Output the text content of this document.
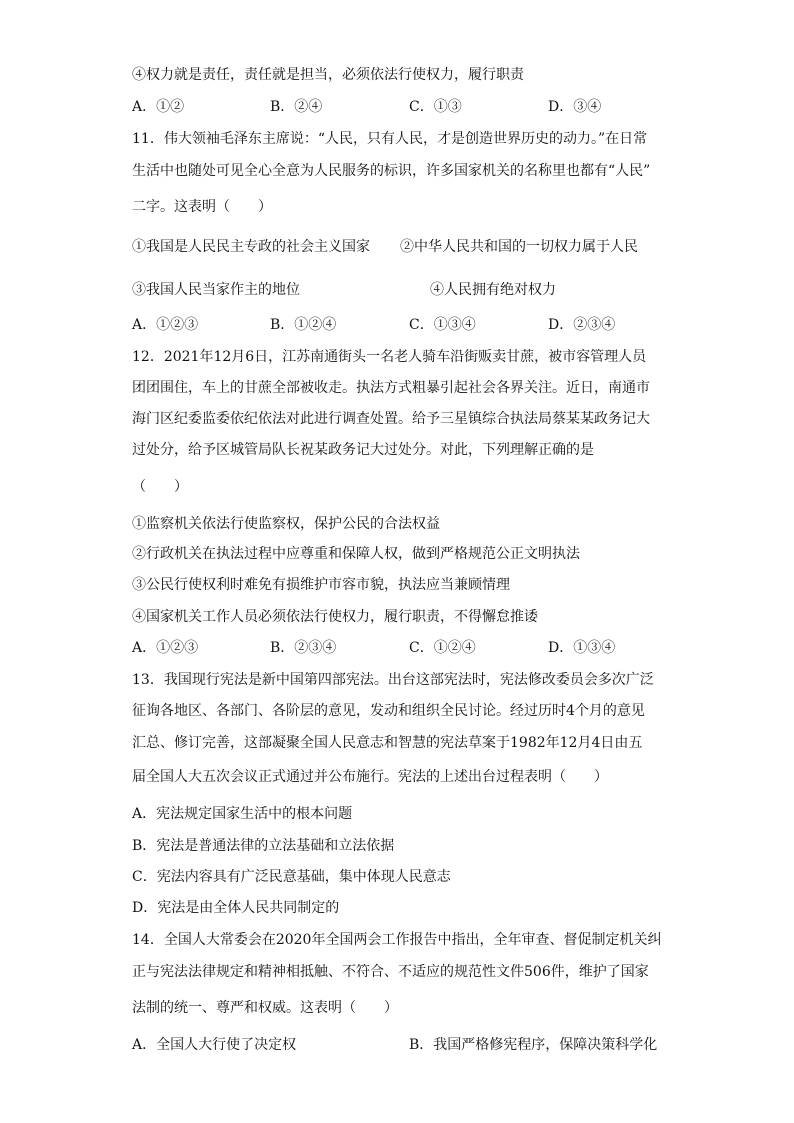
④权力就是责任，责任就是担当，必须依法行使权力，履行职责
A．①②	B．②④	C．①③	D．③④
11．伟大领袖毛泽东主席说：“人民，只有人民，才是创造世界历史的动力。”在日常
生活中也随处可见全心全意为人民服务的标识，许多国家机关的名称里也都有“人民”
二字。这表明（　　）
①我国是人民民主专政的社会主义国家 ②中华人民共和国的一切权力属于人民
③我国人民当家作主的地位	④人民拥有绝对权力
A．①②③	B．①②④	C．①③④	D．②③④
12．2021年12月6日，江苏南通街头一名老人骑车沿街贩卖甘蔗，被市容管理人员
团团围住，车上的甘蔗全部被收走。执法方式粗暴引起社会各界关注。近日，南通市
海门区纪委监委依纪依法对此进行调查处置。给予三星镇综合执法局蔡某某政务记大
过处分，给予区城管局队长祝某政务记大过处分。对此，下列理解正确的是
（　　）
①监察机关依法行使监察权，保护公民的合法权益
②行政机关在执法过程中应尊重和保障人权，做到严格规范公正文明执法
③公民行使权利时难免有损维护市容市貌，执法应当兼顾情理
④国家机关工作人员必须依法行使权力，履行职责，不得懈怠推诿
A．①②③	B．②③④	C．①②④	D．①③④
13．我国现行宪法是新中国第四部宪法。出台这部宪法时，宪法修改委员会多次广泛
征询各地区、各部门、各阶层的意见，发动和组织全民讨论。经过历时4个月的意见
汇总、修订完善，这部凝聚全国人民意志和智慧的宪法草案于1982年12月4日由五
届全国人大五次会议正式通过并公布施行。宪法的上述出台过程表明（　　）
A．宪法规定国家生活中的根本问题
B．宪法是普通法律的立法基础和立法依据
C．宪法内容具有广泛民意基础，集中体现人民意志
D．宪法是由全体人民共同制定的
14．全国人大常委会在2020年全国两会工作报告中指出，全年审查、督促制定机关纠
正与宪法法律规定和精神相抵触、不符合、不适应的规范性文件506件，维护了国家
法制的统一、尊严和权威。这表明（　　）
A．全国人大行使了决定权	B．我国严格修宪程序，保障决策科学化
